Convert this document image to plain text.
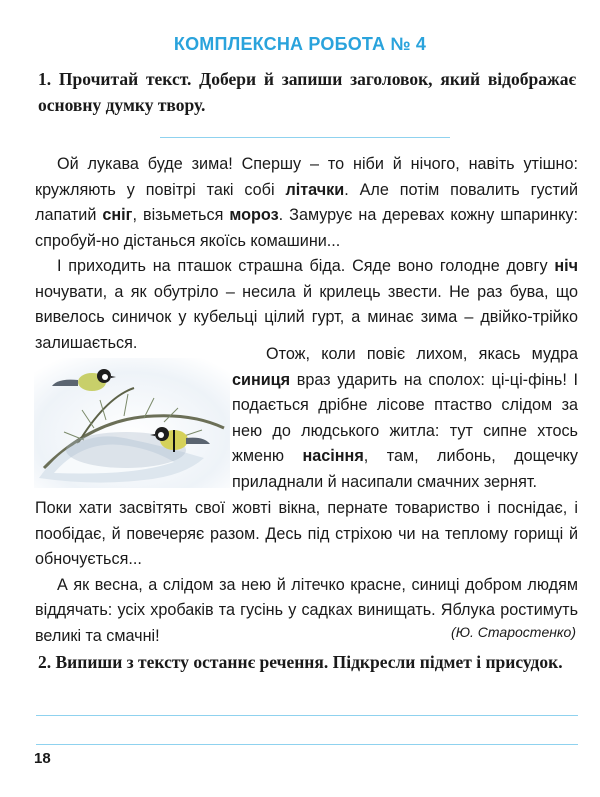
КОМПЛЕКСНА РОБОТА № 4
1. Прочитай текст. Добери й запиши заголовок, який відображає основну думку твору.

Ой лукава буде зима! Спершу – то ніби й нічого, навіть утішно: кружляють у повітрі такі собі літачки. Але потім повалить густий лапатий сніг, візьметься мороз. Замурує на деревах кожну шпаринку: спробуй-но дістанься якоїсь комашини...

І приходить на пташок страшна біда. Сяде воно голодне довгу ніч ночувати, а як обутріло – несила й крилець звести. Не раз бува, що вивелось синичок у кубельці цілий гурт, а минає зима – двійко-трійко залишається.

Отож, коли повіє лихом, якась мудра синиця враз ударить на сполох: ці-ці-фінь! І подається дрібне лісове птаство слідом за нею до людського житла: тут сипне хтось жменю насіння, там, либонь, дощечку приладнали й насипали смачних зернят.

Поки хати засвітять свої жовті вікна, пернате товариство і поснідає, і пообідає, й повечеряє разом. Десь під стріхою чи на теплому горищі й обночується...

А як весна, а слідом за нею й літечко красне, синиці добром людям віддячать: усіх хробаків та гусінь у садках винищать. Яблука ростимуть великі та смачні!	(Ю. Старостенко)
2. Випиши з тексту останнє речення. Підкресли підмет і присудок.
18
